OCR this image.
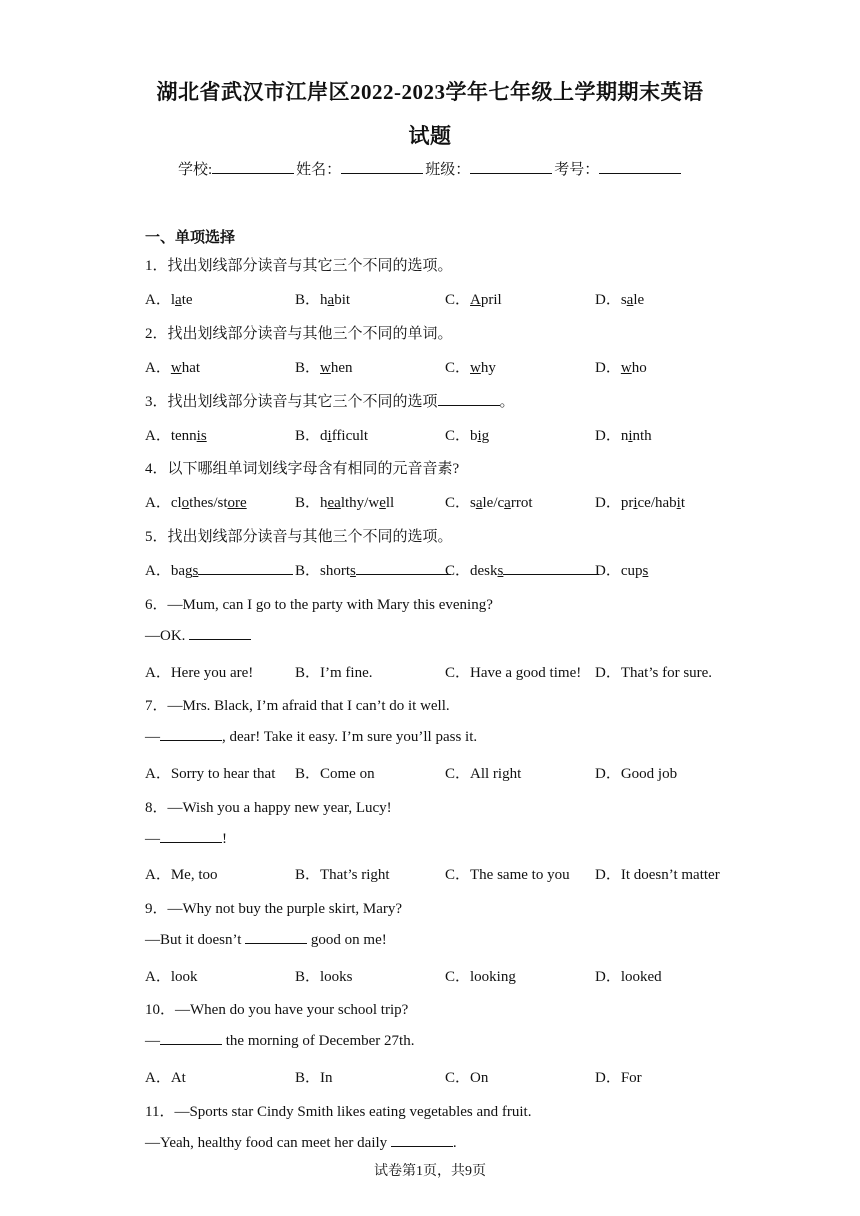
湖北省武汉市江岸区2022-2023学年七年级上学期期末英语
试题
学校:	姓名：	班级：	考号：
一、单项选择
1．找出划线部分读音与其它三个不同的选项。
A．late	B．habit	C．April	D．sale
2．找出划线部分读音与其他三个不同的单词。
A．what	B．when	C．why	D．who
3．找出划线部分读音与其它三个不同的选项	。
A．tennis	B．difficult	C．big	D．ninth
4．以下哪组单词划线字母含有相同的元音音素?
A．clothes/store	B．healthy/well	C．sale/carrot	D．price/habit
5．找出划线部分读音与其他三个不同的选项。
A．bags	B．shorts	C．desks	D．cups
6．—Mum, can I go to the party with Mary this evening?
—OK.
A．Here you are!	B．I’m fine.	C．Have a good time! D．That’s for sure.
7．—Mrs. Black, I’m afraid that I can’t do it well.
—	, dear! Take it easy. I’m sure you’ll pass it.
A．Sorry to hear that B．Come on	C．All right	D．Good job
8．—Wish you a happy new year, Lucy!
—	!
A．Me, too	B．That’s right	C．The same to you D．It doesn’t matter
9．—Why not buy the purple skirt, Mary?
—But it doesn’t	good on me!
A．look	B．looks	C．looking	D．looked
10．—When do you have your school trip?
—	the morning of December 27th.
A．At	B．In	C．On	D．For
11．—Sports star Cindy Smith likes eating vegetables and fruit.
—Yeah, healthy food can meet her daily	.
试卷第1页，共9页
